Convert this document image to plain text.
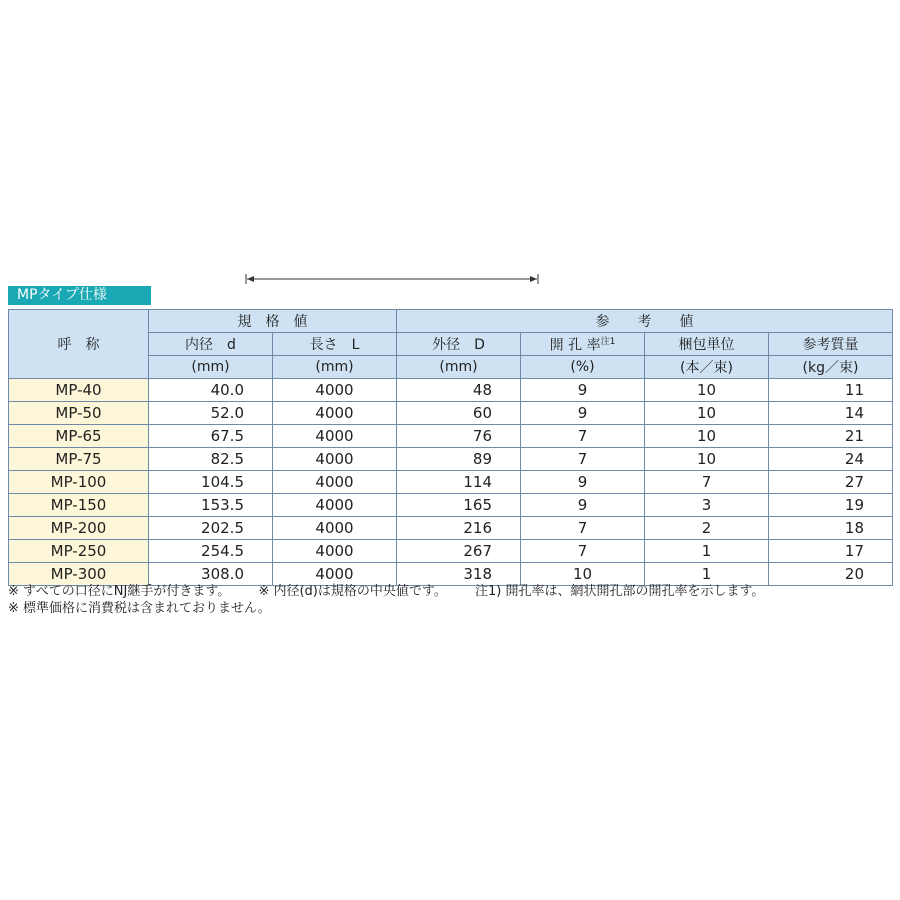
MPタイプ仕様
呼　称	規　格　値		参　　考　　値			
	内径　d	長さ　L	外径　D	開 孔 率$^{注1}$	梱包単位	参考質量
	(mm)	(mm)	(mm)	(%)	(本／束)	(kg／束)
MP-40	40.0	4000	48	9	10	11
MP-50	52.0	4000	60	9	10	14
MP-65	67.5	4000	76	7	10	21
MP-75	82.5	4000	89	7	10	24
MP-100	104.5	4000	114	9	7	27
MP-150	153.5	4000	165	9	3	19
MP-200	202.5	4000	216	7	2	18
MP-250	254.5	4000	267	7	1	17
MP-300	308.0	4000	318	10	1	20
※ すべての口径にNJ継手が付きます。 ※ 内径(d)は規格の中央値です。 注1) 開孔率は、網状開孔部の開孔率を示します。
※ 標準価格に消費税は含まれておりません。
